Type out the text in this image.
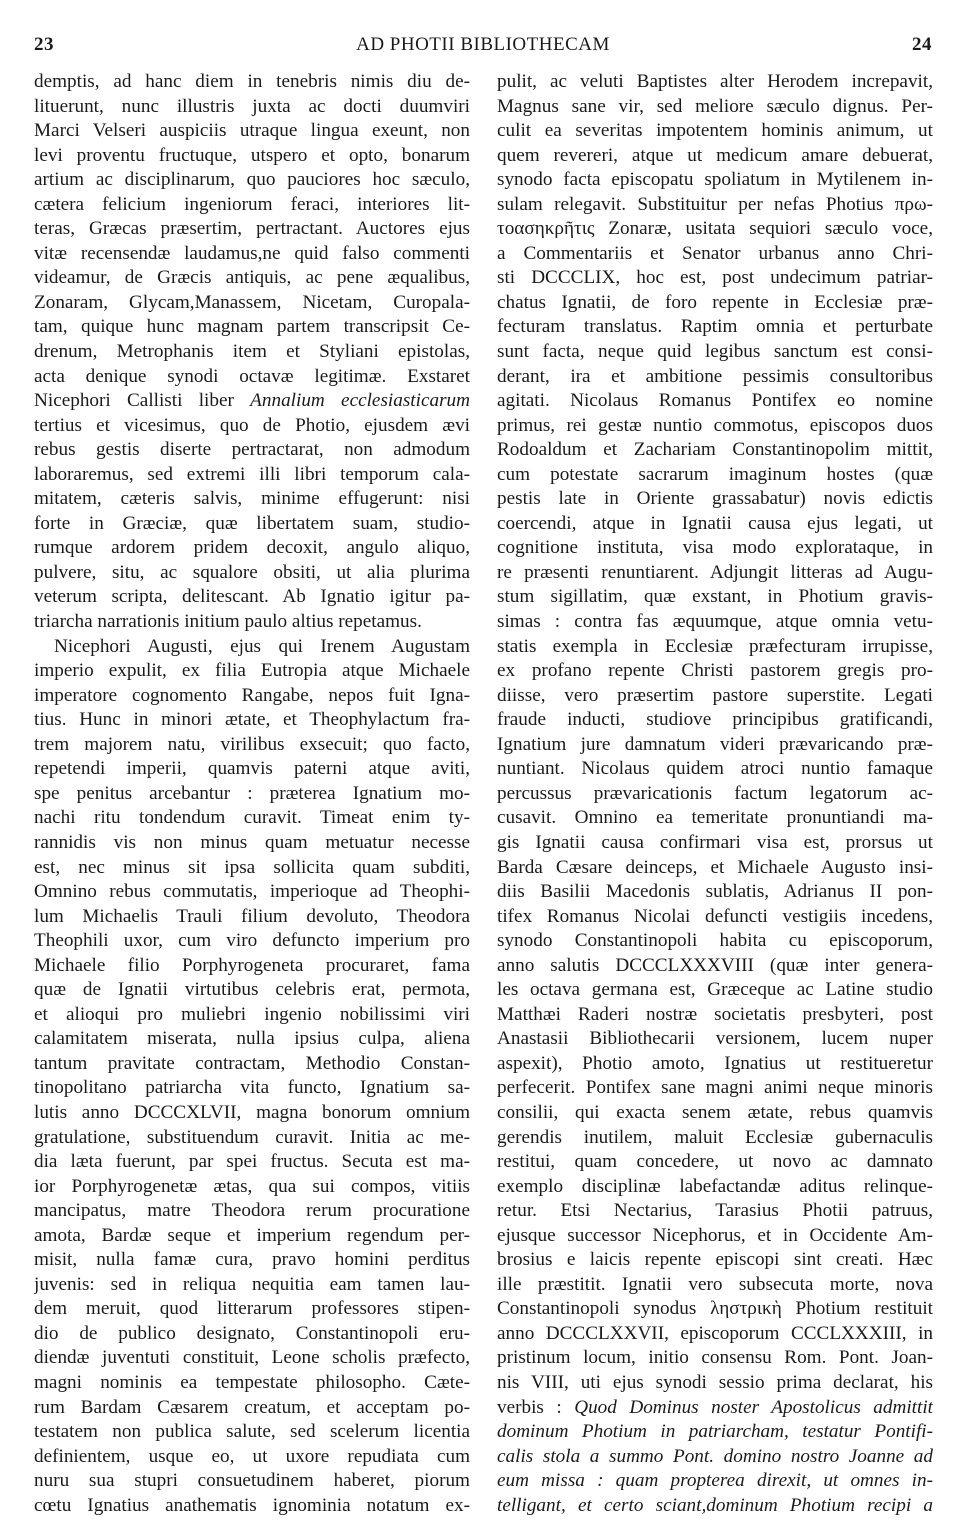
23	AD PHOTII BIBLIOTHECAM	24
demptis, ad hanc diem in tenebris nimis diu de-
lituerunt, nunc illustris juxta ac docti duumviri
Marci Velseri auspiciis utraque lingua exeunt, non
levi proventu fructuque, utspero et opto, bonarum
artium ac disciplinarum, quo pauciores hoc sæculo,
cætera felicium ingeniorum feraci, interiores lit-
teras, Græcas præsertim, pertractant. Auctores ejus
vitæ recensendæ laudamus,ne quid falso commenti
videamur, de Græcis antiquis, ac pene æqualibus,
Zonaram, Glycam,Manassem, Nicetam, Curopala-
tam, quique hunc magnam partem transcripsit Ce-
drenum, Metrophanis item et Styliani epistolas,
acta denique synodi octavæ legitimæ. Exstaret
Nicephori Callisti liber Annalium ecclesiasticarum
tertius et vicesimus, quo de Photio, ejusdem ævi
rebus gestis diserte pertractarat, non admodum
laboraremus, sed extremi illi libri temporum cala-
mitatem, cæteris salvis, minime effugerunt: nisi
forte in Græciæ, quæ libertatem suam, studio-
rumque ardorem pridem decoxit, angulo aliquo,
pulvere, situ, ac squalore obsiti, ut alia plurima
veterum scripta, delitescant. Ab Ignatio igitur pa-
triarcha narrationis initium paulo altius repetamus.
Nicephori Augusti, ejus qui Irenem Augustam
imperio expulit, ex filia Eutropia atque Michaele
imperatore cognomento Rangabe, nepos fuit Igna-
tius. Hunc in minori ætate, et Theophylactum fra-
trem majorem natu, virilibus exsecuit; quo facto,
repetendi imperii, quamvis paterni atque aviti,
spe penitus arcebantur : præterea Ignatium mo-
nachi ritu tondendum curavit. Timeat enim ty-
rannidis vis non minus quam metuatur necesse
est, nec minus sit ipsa sollicita quam subditi,
Omnino rebus commutatis, imperioque ad Theophi-
lum Michaelis Trauli filium devoluto, Theodora
Theophili uxor, cum viro defuncto imperium pro
Michaele filio Porphyrogeneta procuraret, fama
quæ de Ignatii virtutibus celebris erat, permota,
et alioqui pro muliebri ingenio nobilissimi viri
calamitatem miserata, nulla ipsius culpa, aliena
tantum pravitate contractam, Methodio Constan-
tinopolitano patriarcha vita functo, Ignatium sa-
lutis anno DCCCXLVII, magna bonorum omnium
gratulatione, substituendum curavit. Initia ac me-
dia læta fuerunt, par spei fructus. Secuta est ma-
ior Porphyrogenetæ ætas, qua sui compos, vitiis
mancipatus, matre Theodora rerum procuratione
amota, Bardæ seque et imperium regendum per-
misit, nulla famæ cura, pravo homini perditus
juvenis: sed in reliqua nequitia eam tamen lau-
dem meruit, quod litterarum professores stipen-
dio de publico designato, Constantinopoli eru-
diendæ juventuti constituit, Leone scholis præfecto,
magni nominis ea tempestate philosopho. Cæte-
rum Bardam Cæsarem creatum, et acceptam po-
testatem non publica salute, sed scelerum licentia
definientem, usque eo, ut uxore repudiata cum
nuru sua stupri consuetudinem haberet, piorum
cœtu Ignatius anathematis ignominia notatum ex-
pulit, ac veluti Baptistes alter Herodem increpavit,
Magnus sane vir, sed meliore sæculo dignus. Per-
culit ea severitas impotentem hominis animum, ut
quem revereri, atque ut medicum amare debuerat,
synodo facta episcopatu spoliatum in Mytilenem in-
sulam relegavit. Substituitur per nefas Photius πρω-
τοασηκρῆτις Zonaræ, usitata sequiori sæculo voce,
a Commentariis et Senator urbanus anno Chri-
sti DCCCLIX, hoc est, post undecimum patriar-
chatus Ignatii, de foro repente in Ecclesiæ præ-
fecturam translatus. Raptim omnia et perturbate
sunt facta, neque quid legibus sanctum est consi-
derant, ira et ambitione pessimis consultoribus
agitati. Nicolaus Romanus Pontifex eo nomine
primus, rei gestæ nuntio commotus, episcopos duos
Rodoaldum et Zachariam Constantinopolim mittit,
cum potestate sacrarum imaginum hostes (quæ
pestis late in Oriente grassabatur) novis edictis
coercendi, atque in Ignatii causa ejus legati, ut
cognitione instituta, visa modo explorataque, in
re præsenti renuntiarent. Adjungit litteras ad Augu-
stum sigillatim, quæ exstant, in Photium gravis-
simas : contra fas æquumque, atque omnia vetu-
statis exempla in Ecclesiæ præfecturam irrupisse,
ex profano repente Christi pastorem gregis pro-
diisse, vero præsertim pastore superstite. Legati
fraude inducti, studiove principibus gratificandi,
Ignatium jure damnatum videri prævaricando præ-
nuntiant. Nicolaus quidem atroci nuntio famaque
percussus prævaricationis factum legatorum ac-
cusavit. Omnino ea temeritate pronuntiandi ma-
gis Ignatii causa confirmari visa est, prorsus ut
Barda Cæsare deinceps, et Michaele Augusto insi-
diis Basilii Macedonis sublatis, Adrianus II pon-
tifex Romanus Nicolai defuncti vestigiis incedens,
synodo Constantinopoli habita cu episcoporum,
anno salutis DCCCLXXXVIII (quæ inter genera-
les octava germana est, Græceque ac Latine studio
Matthæi Raderi nostræ societatis presbyteri, post
Anastasii Bibliothecarii versionem, lucem nuper
aspexit), Photio amoto, Ignatius ut restitueretur
perfecerit. Pontifex sane magni animi neque minoris
consilii, qui exacta senem ætate, rebus quamvis
gerendis inutilem, maluit Ecclesiæ gubernaculis
restitui, quam concedere, ut novo ac damnato
exemplo disciplinæ labefactandæ aditus relinque-
retur. Etsi Nectarius, Tarasius Photii patruus,
ejusque successor Nicephorus, et in Occidente Am-
brosius e laicis repente episcopi sint creati. Hæc
ille præstitit. Ignatii vero subsecuta morte, nova
Constantinopoli synodus ληστρικὴ Photium restituit
anno DCCCLXXVII, episcoporum CCCLXXXIII, in
pristinum locum, initio consensu Rom. Pont. Joan-
nis VIII, uti ejus synodi sessio prima declarat, his
verbis : Quod Dominus noster Apostolicus admittit
dominum Photium in patriarcham, testatur Pontifi-
calis stola a summo Pont. domino nostro Joanne ad
eum missa : quam propterea direxit, ut omnes in-
telligant, et certo sciant,dominum Photium recipi a
